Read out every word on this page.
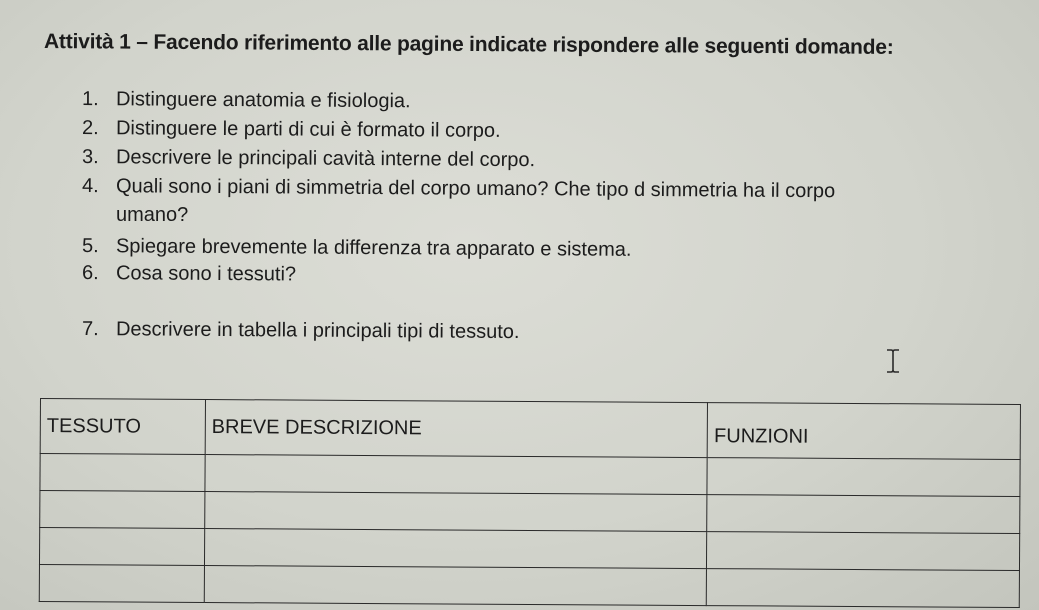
Attività 1 – Facendo riferimento alle pagine indicate rispondere alle seguenti domande:
1. Distinguere anatomia e fisiologia.
2. Distinguere le parti di cui è formato il corpo.
3. Descrivere le principali cavità interne del corpo.
4. Quali sono i piani di simmetria del corpo umano? Che tipo d simmetria ha il corpo
umano?
5. Spiegare brevemente la differenza tra apparato e sistema.
6. Cosa sono i tessuti?
7. Descrivere in tabella i principali tipi di tessuto.
TESSUTO	BREVE DESCRIZIONE	FUNZIONI
